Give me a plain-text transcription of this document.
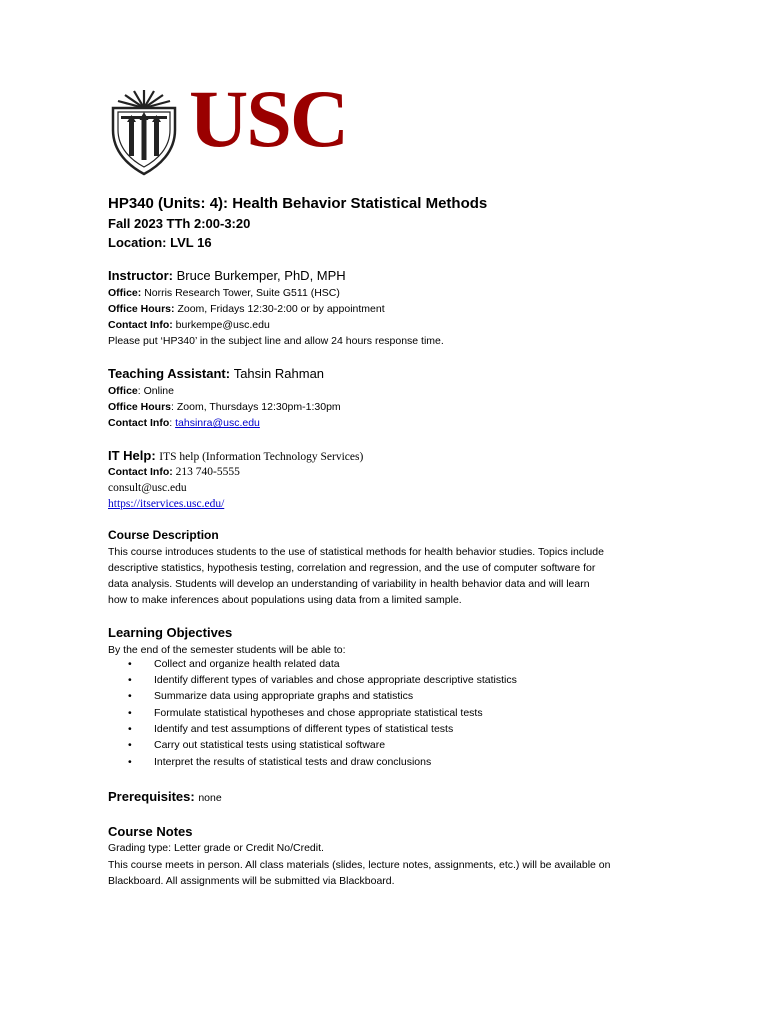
USC
HP340 (Units: 4): Health Behavior Statistical Methods
Fall 2023 TTh 2:00-3:20
Location: LVL 16
Instructor: Bruce Burkemper, PhD, MPH
Office: Norris Research Tower, Suite G511 (HSC)
Office Hours: Zoom, Fridays 12:30-2:00 or by appointment
Contact Info: burkempe@usc.edu
Please put ‘HP340’ in the subject line and allow 24 hours response time.
Teaching Assistant: Tahsin Rahman
Office: Online
Office Hours: Zoom, Thursdays 12:30pm-1:30pm
Contact Info: tahsinra@usc.edu
IT Help: ITS help (Information Technology Services)
Contact Info: 213 740-5555
consult@usc.edu
https://itservices.usc.edu/
Course Description
This course introduces students to the use of statistical methods for health behavior studies. Topics include
descriptive statistics, hypothesis testing, correlation and regression, and the use of computer software for
data analysis. Students will develop an understanding of variability in health behavior data and will learn
how to make inferences about populations using data from a limited sample.
Learning Objectives
By the end of the semester students will be able to:
• Collect and organize health related data
• Identify different types of variables and chose appropriate descriptive statistics
• Summarize data using appropriate graphs and statistics
• Formulate statistical hypotheses and chose appropriate statistical tests
• Identify and test assumptions of different types of statistical tests
• Carry out statistical tests using statistical software
• Interpret the results of statistical tests and draw conclusions
Prerequisites: none
Course Notes
Grading type: Letter grade or Credit No/Credit.
This course meets in person. All class materials (slides, lecture notes, assignments, etc.) will be available on
Blackboard. All assignments will be submitted via Blackboard.
